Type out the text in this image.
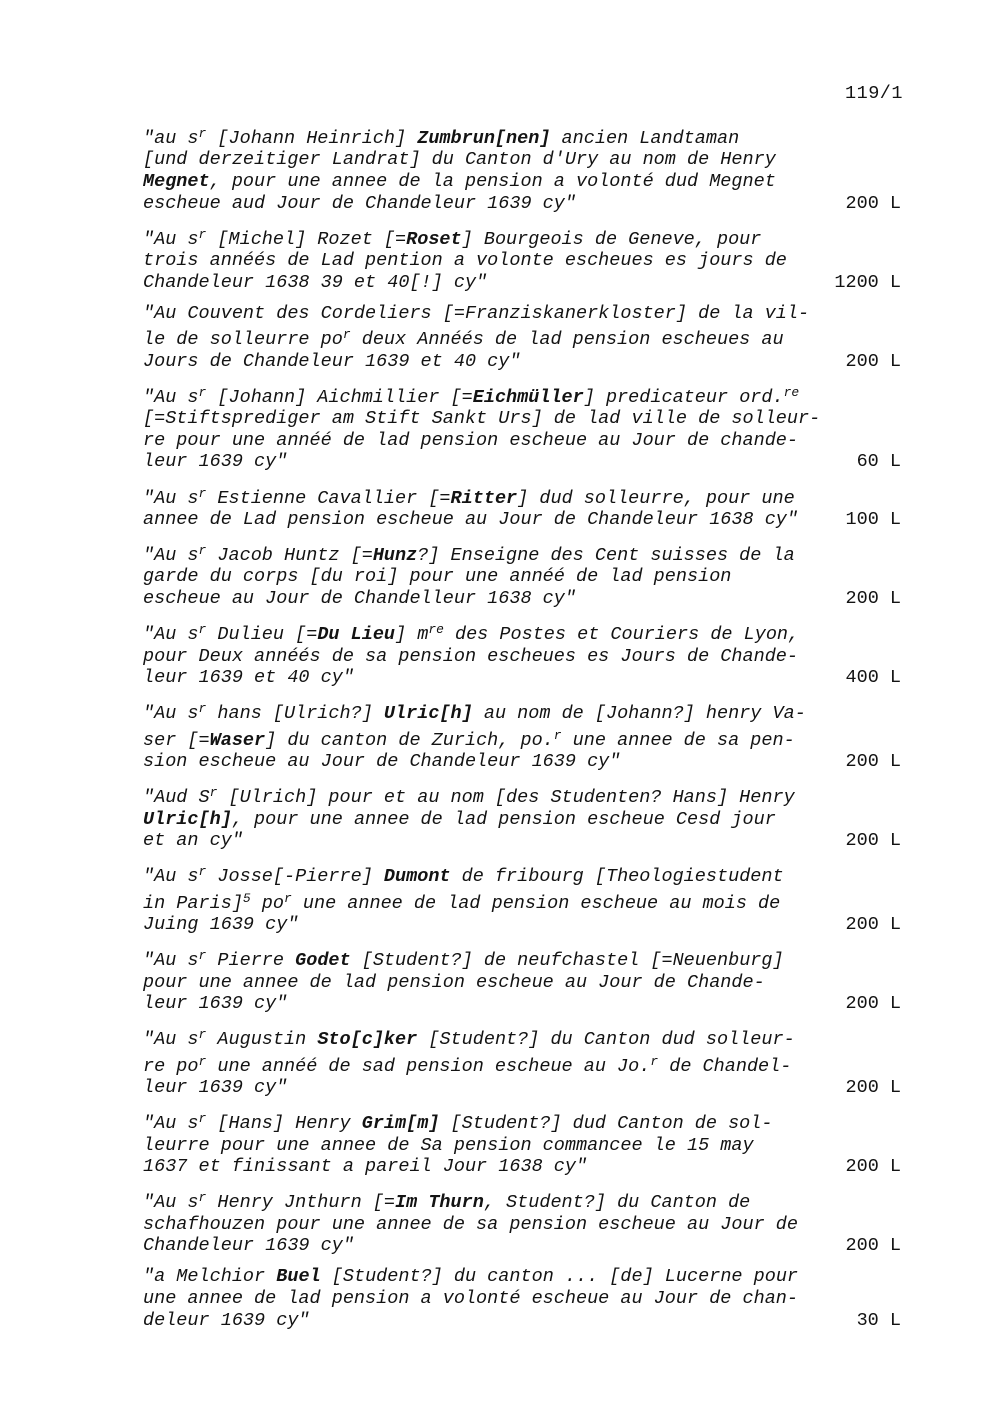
119/1
"au $s^r$ [Johann Heinrich] Zumbrun[nen] ancien Landtaman
[und derzeitiger Landrat] du Canton d'Ury au nom de Henry
Megnet, pour une annee de la pension a volonté dud Megnet
escheue aud Jour de Chandeleur 1639 cy"	200 L
"Au $s^r$ [Michel] Rozet [=Roset] Bourgeois de Geneve, pour
trois annéés de Lad pention a volonte escheues es jours de
Chandeleur 1638 39 et 40[!] cy"	1200 L
"Au Couvent des Cordeliers [=Franziskanerkloster] de la vil-
le de solleurre $po^r$ deux Annéés de lad pension escheues au
Jours de Chandeleur 1639 et 40 cy"	200 L
"Au $s^r$ [Johann] Aichmillier [=Eichmüller] predicateur ord.$^{re}$
[=Stiftsprediger am Stift Sankt Urs] de lad ville de solleur-
re pour une annéé de lad pension escheue au Jour de chande-
leur 1639 cy"	60 L
"Au $s^r$ Estienne Cavallier [=Ritter] dud solleurre, pour une
annee de Lad pension escheue au Jour de Chandeleur 1638 cy"	100 L
"Au $s^r$ Jacob Huntz [=Hunz?] Enseigne des Cent suisses de la
garde du corps [du roi] pour une annéé de lad pension
escheue au Jour de Chandelleur 1638 cy"	200 L
"Au $s^r$ Dulieu [=Du Lieu] $m^{re}$ des Postes et Couriers de Lyon,
pour Deux annéés de sa pension escheues es Jours de Chande-
leur 1639 et 40 cy"	400 L
"Au $s^r$ hans [Ulrich?] Ulric[h] au nom de [Johann?] henry Va-
ser [=Waser] du canton de Zurich, po.$^r$ une annee de sa pen-
sion escheue au Jour de Chandeleur 1639 cy"	200 L
"Aud $S^r$ [Ulrich] pour et au nom [des Studenten? Hans] Henry
Ulric[h], pour une annee de lad pension escheue Cesd jour
et an cy"	200 L
"Au $s^r$ Josse[-Pierre] Dumont de fribourg [Theologiestudent
in Paris]$^5$ $po^r$ une annee de lad pension escheue au mois de
Juing 1639 cy"	200 L
"Au $s^r$ Pierre Godet [Student?] de neufchastel [=Neuenburg]
pour une annee de lad pension escheue au Jour de Chande-
leur 1639 cy"	200 L
"Au $s^r$ Augustin Sto[c]ker [Student?] du Canton dud solleur-
re $po^r$ une annéé de sad pension escheue au Jo.$^r$ de Chandel-
leur 1639 cy"	200 L
"Au $s^r$ [Hans] Henry Grim[m] [Student?] dud Canton de sol-
leurre pour une annee de Sa pension commancee le 15 may
1637 et finissant a pareil Jour 1638 cy"	200 L
"Au $s^r$ Henry Jnthurn [=Im Thurn, Student?] du Canton de
schafhouzen pour une annee de sa pension escheue au Jour de
Chandeleur 1639 cy"	200 L
"a Melchior Buel [Student?] du canton ... [de] Lucerne pour
une annee de lad pension a volonté escheue au Jour de chan-
deleur 1639 cy"	30 L
